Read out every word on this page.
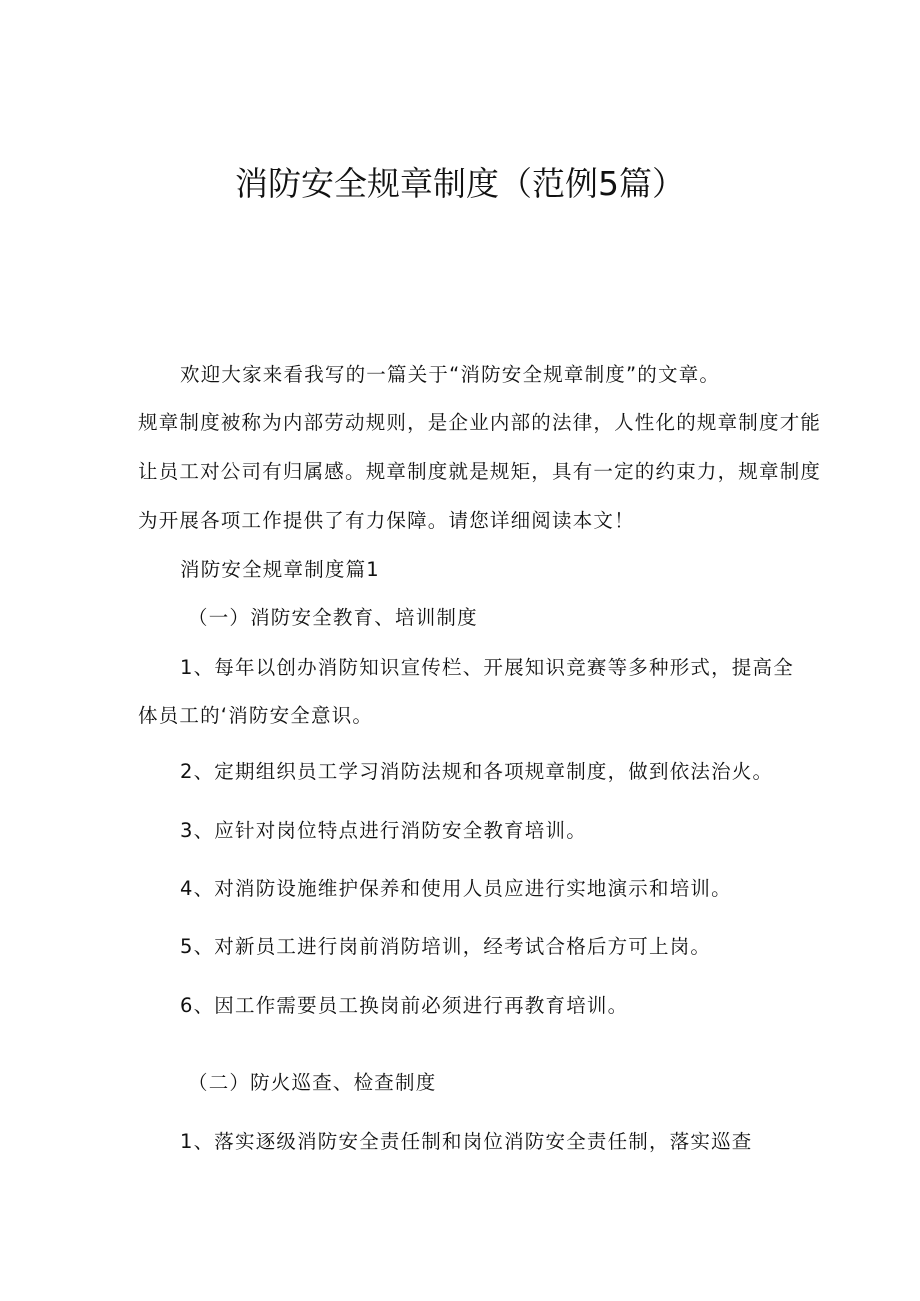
消防安全规章制度（范例5篇）
欢迎大家来看我写的一篇关于“消防安全规章制度”的文章。
规章制度被称为内部劳动规则，是企业内部的法律，人性化的规章制度才能
让员工对公司有归属感。规章制度就是规矩，具有一定的约束力，规章制度
为开展各项工作提供了有力保障。请您详细阅读本文！
消防安全规章制度篇1
（一）消防安全教育、培训制度
1、每年以创办消防知识宣传栏、开展知识竞赛等多种形式，提高全
体员工的‘消防安全意识。
2、定期组织员工学习消防法规和各项规章制度，做到依法治火。
3、应针对岗位特点进行消防安全教育培训。
4、对消防设施维护保养和使用人员应进行实地演示和培训。
5、对新员工进行岗前消防培训，经考试合格后方可上岗。
6、因工作需要员工换岗前必须进行再教育培训。
（二）防火巡查、检查制度
1、落实逐级消防安全责任制和岗位消防安全责任制，落实巡查
